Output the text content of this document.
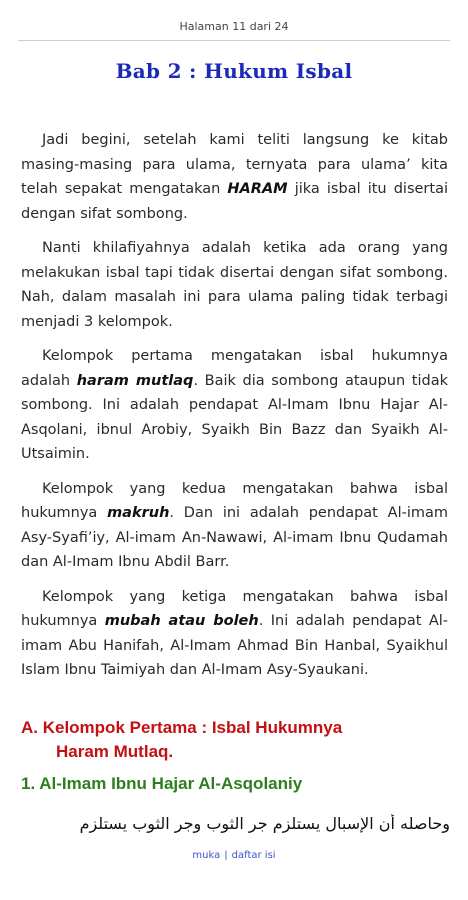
Halaman 11 dari 24
Bab 2 : Hukum Isbal

Jadi begini, setelah kami teliti langsung ke kitab masing-masing para ulama, ternyata para ulama’ kita telah sepakat mengatakan HARAM jika isbal itu disertai dengan sifat sombong.

Nanti khilafiyahnya adalah ketika ada orang yang melakukan isbal tapi tidak disertai dengan sifat sombong. Nah, dalam masalah ini para ulama paling tidak terbagi menjadi 3 kelompok.

Kelompok pertama mengatakan isbal hukumnya adalah haram mutlaq. Baik dia sombong ataupun tidak sombong. Ini adalah pendapat Al-Imam Ibnu Hajar Al- Asqolani, ibnul Arobiy, Syaikh Bin Bazz dan Syaikh Al-Utsaimin.

Kelompok yang kedua mengatakan bahwa isbal hukumnya makruh. Dan ini adalah pendapat Al-imam Asy-Syafi’iy, Al-imam An-Nawawi, Al-imam Ibnu Qudamah dan Al-Imam Ibnu Abdil Barr.

Kelompok yang ketiga mengatakan bahwa isbal hukumnya mubah atau boleh. Ini adalah pendapat Al-imam Abu Hanifah, Al-Imam Ahmad Bin Hanbal, Syaikhul Islam Ibnu Taimiyah dan Al-Imam Asy-Syaukani.

A. Kelompok Pertama : Isbal Hukumnya
Haram Mutlaq.
1. Al-Imam Ibnu Hajar Al-Asqolaniy
وحاصله أن الإسبال يستلزم جر الثوب وجر الثوب يستلزم
muka | daftar isi
